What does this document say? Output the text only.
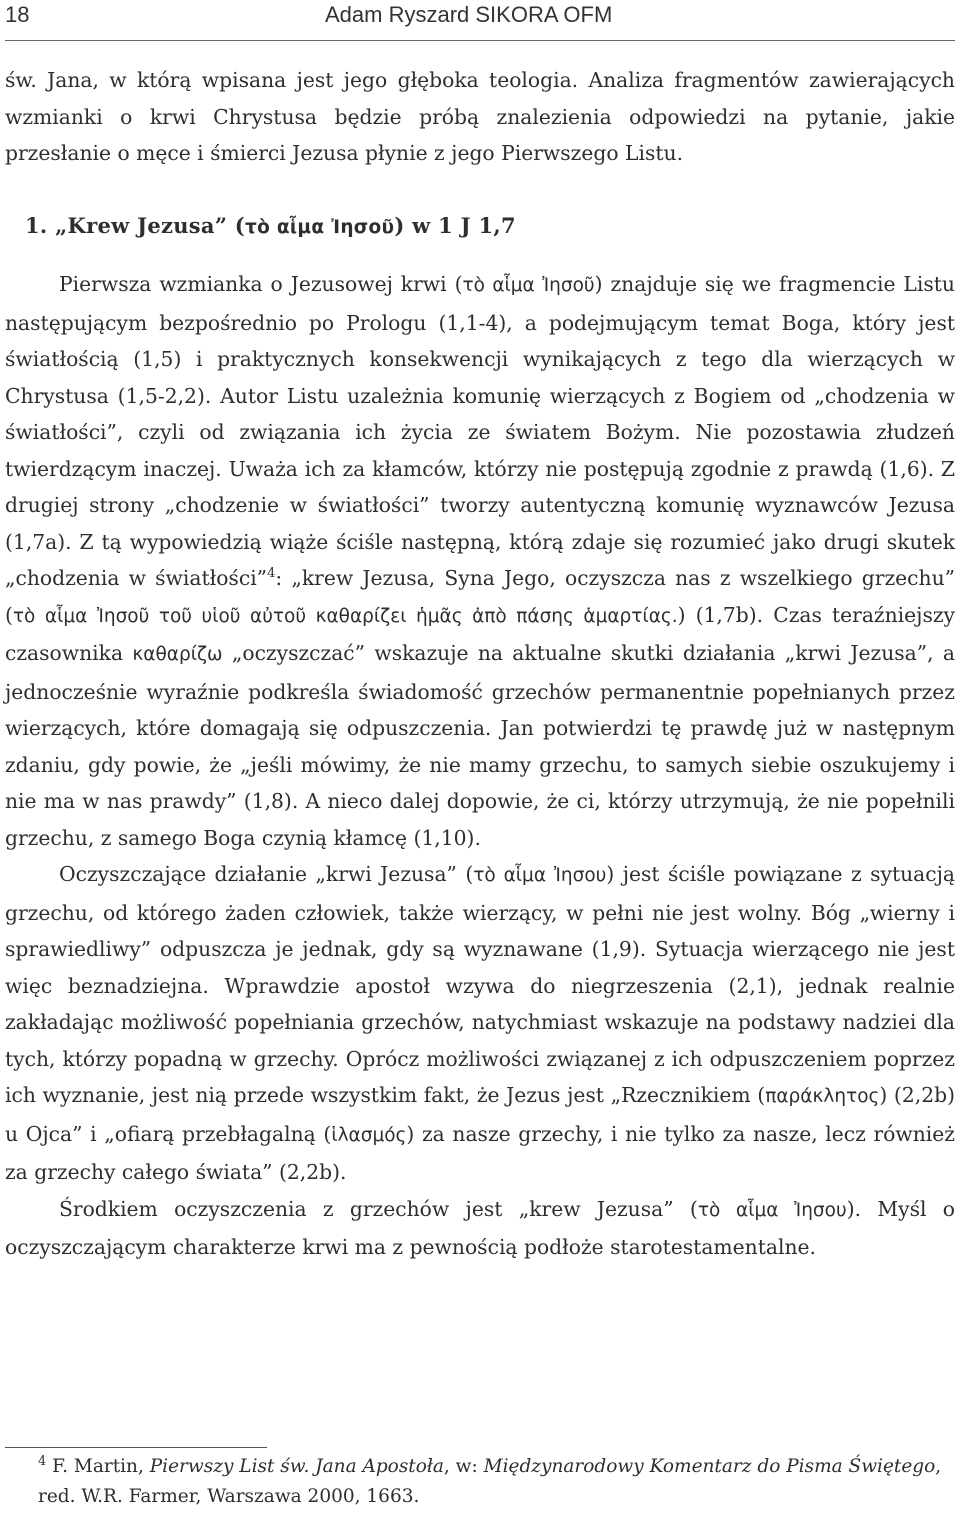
18	Adam Ryszard SIKORA OFM

św. Jana, w którą wpisana jest jego głęboka teologia. Analiza fragmentów zawierających wzmianki o krwi Chrystusa będzie próbą znalezienia odpowiedzi na pytanie, jakie przesłanie o męce i śmierci Jezusa płynie z jego Pierwszego Listu.

1. „Krew Jezusa” (τὸ αἷμα Ἰησοῦ) w 1 J 1,7

Pierwsza wzmianka o Jezusowej krwi (τὸ αἷμα Ἰησοῦ) znajduje się we fragmencie Listu następującym bezpośrednio po Prologu (1,1-4), a podejmującym temat Boga, który jest światłością (1,5) i praktycznych konsekwencji wynikających z tego dla wierzących w Chrystusa (1,5-2,2). Autor Listu uzależnia komunię wierzących z Bogiem od „chodzenia w światłości”, czyli od związania ich życia ze światem Bożym. Nie pozostawia złudzeń twierdzącym inaczej. Uważa ich za kłamców, którzy nie postępują zgodnie z prawdą (1,6). Z drugiej strony „chodzenie w światłości” tworzy autentyczną komunię wyznawców Jezusa (1,7a). Z tą wypowiedzią wiąże ściśle następną, którą zdaje się rozumieć jako drugi skutek „chodzenia w światłości”$^4$: „krew Jezusa, Syna Jego, oczyszcza nas z wszelkiego grzechu” (τὸ αἷμα Ἰησοῦ τοῦ υἱοῦ αὐτοῦ καθαρίζει ἡμᾶς ἀπὸ πάσης ἁμαρτίας.) (1,7b). Czas teraźniejszy czasownika καθαρίζω „oczyszczać” wskazuje na aktualne skutki działania „krwi Jezusa”, a jednocześnie wyraźnie podkreśla świadomość grzechów permanentnie popełnianych przez wierzących, które domagają się odpuszczenia. Jan potwierdzi tę prawdę już w następnym zdaniu, gdy powie, że „jeśli mówimy, że nie mamy grzechu, to samych siebie oszukujemy i nie ma w nas prawdy” (1,8). A nieco dalej dopowie, że ci, którzy utrzymują, że nie popełnili grzechu, z samego Boga czynią kłamcę (1,10).

Oczyszczające działanie „krwi Jezusa” (τὸ αἷμα Ἰησου) jest ściśle powiązane z sytuacją grzechu, od którego żaden człowiek, także wierzący, w pełni nie jest wolny. Bóg „wierny i sprawiedliwy” odpuszcza je jednak, gdy są wyznawane (1,9). Sytuacja wierzącego nie jest więc beznadziejna. Wprawdzie apostoł wzywa do niegrzeszenia (2,1), jednak realnie zakładając możliwość popełniania grzechów, natychmiast wskazuje na podstawy nadziei dla tych, którzy popadną w grzechy. Oprócz możliwości związanej z ich odpuszczeniem poprzez ich wyznanie, jest nią przede wszystkim fakt, że Jezus jest „Rzecznikiem (παράκλητος) (2,2b) u Ojca” i „ofiarą przebłagalną (ἱλασμός) za nasze grzechy, i nie tylko za nasze, lecz również za grzechy całego świata” (2,2b).

Środkiem oczyszczenia z grzechów jest „krew Jezusa” (τὸ αἷμα Ἰησου). Myśl o oczyszczającym charakterze krwi ma z pewnością podłoże starotestamentalne.

$^4$ F. Martin, Pierwszy List św. Jana Apostoła, w: Międzynarodowy Komentarz do Pisma Świętego, red. W.R. Farmer, Warszawa 2000, 1663.
